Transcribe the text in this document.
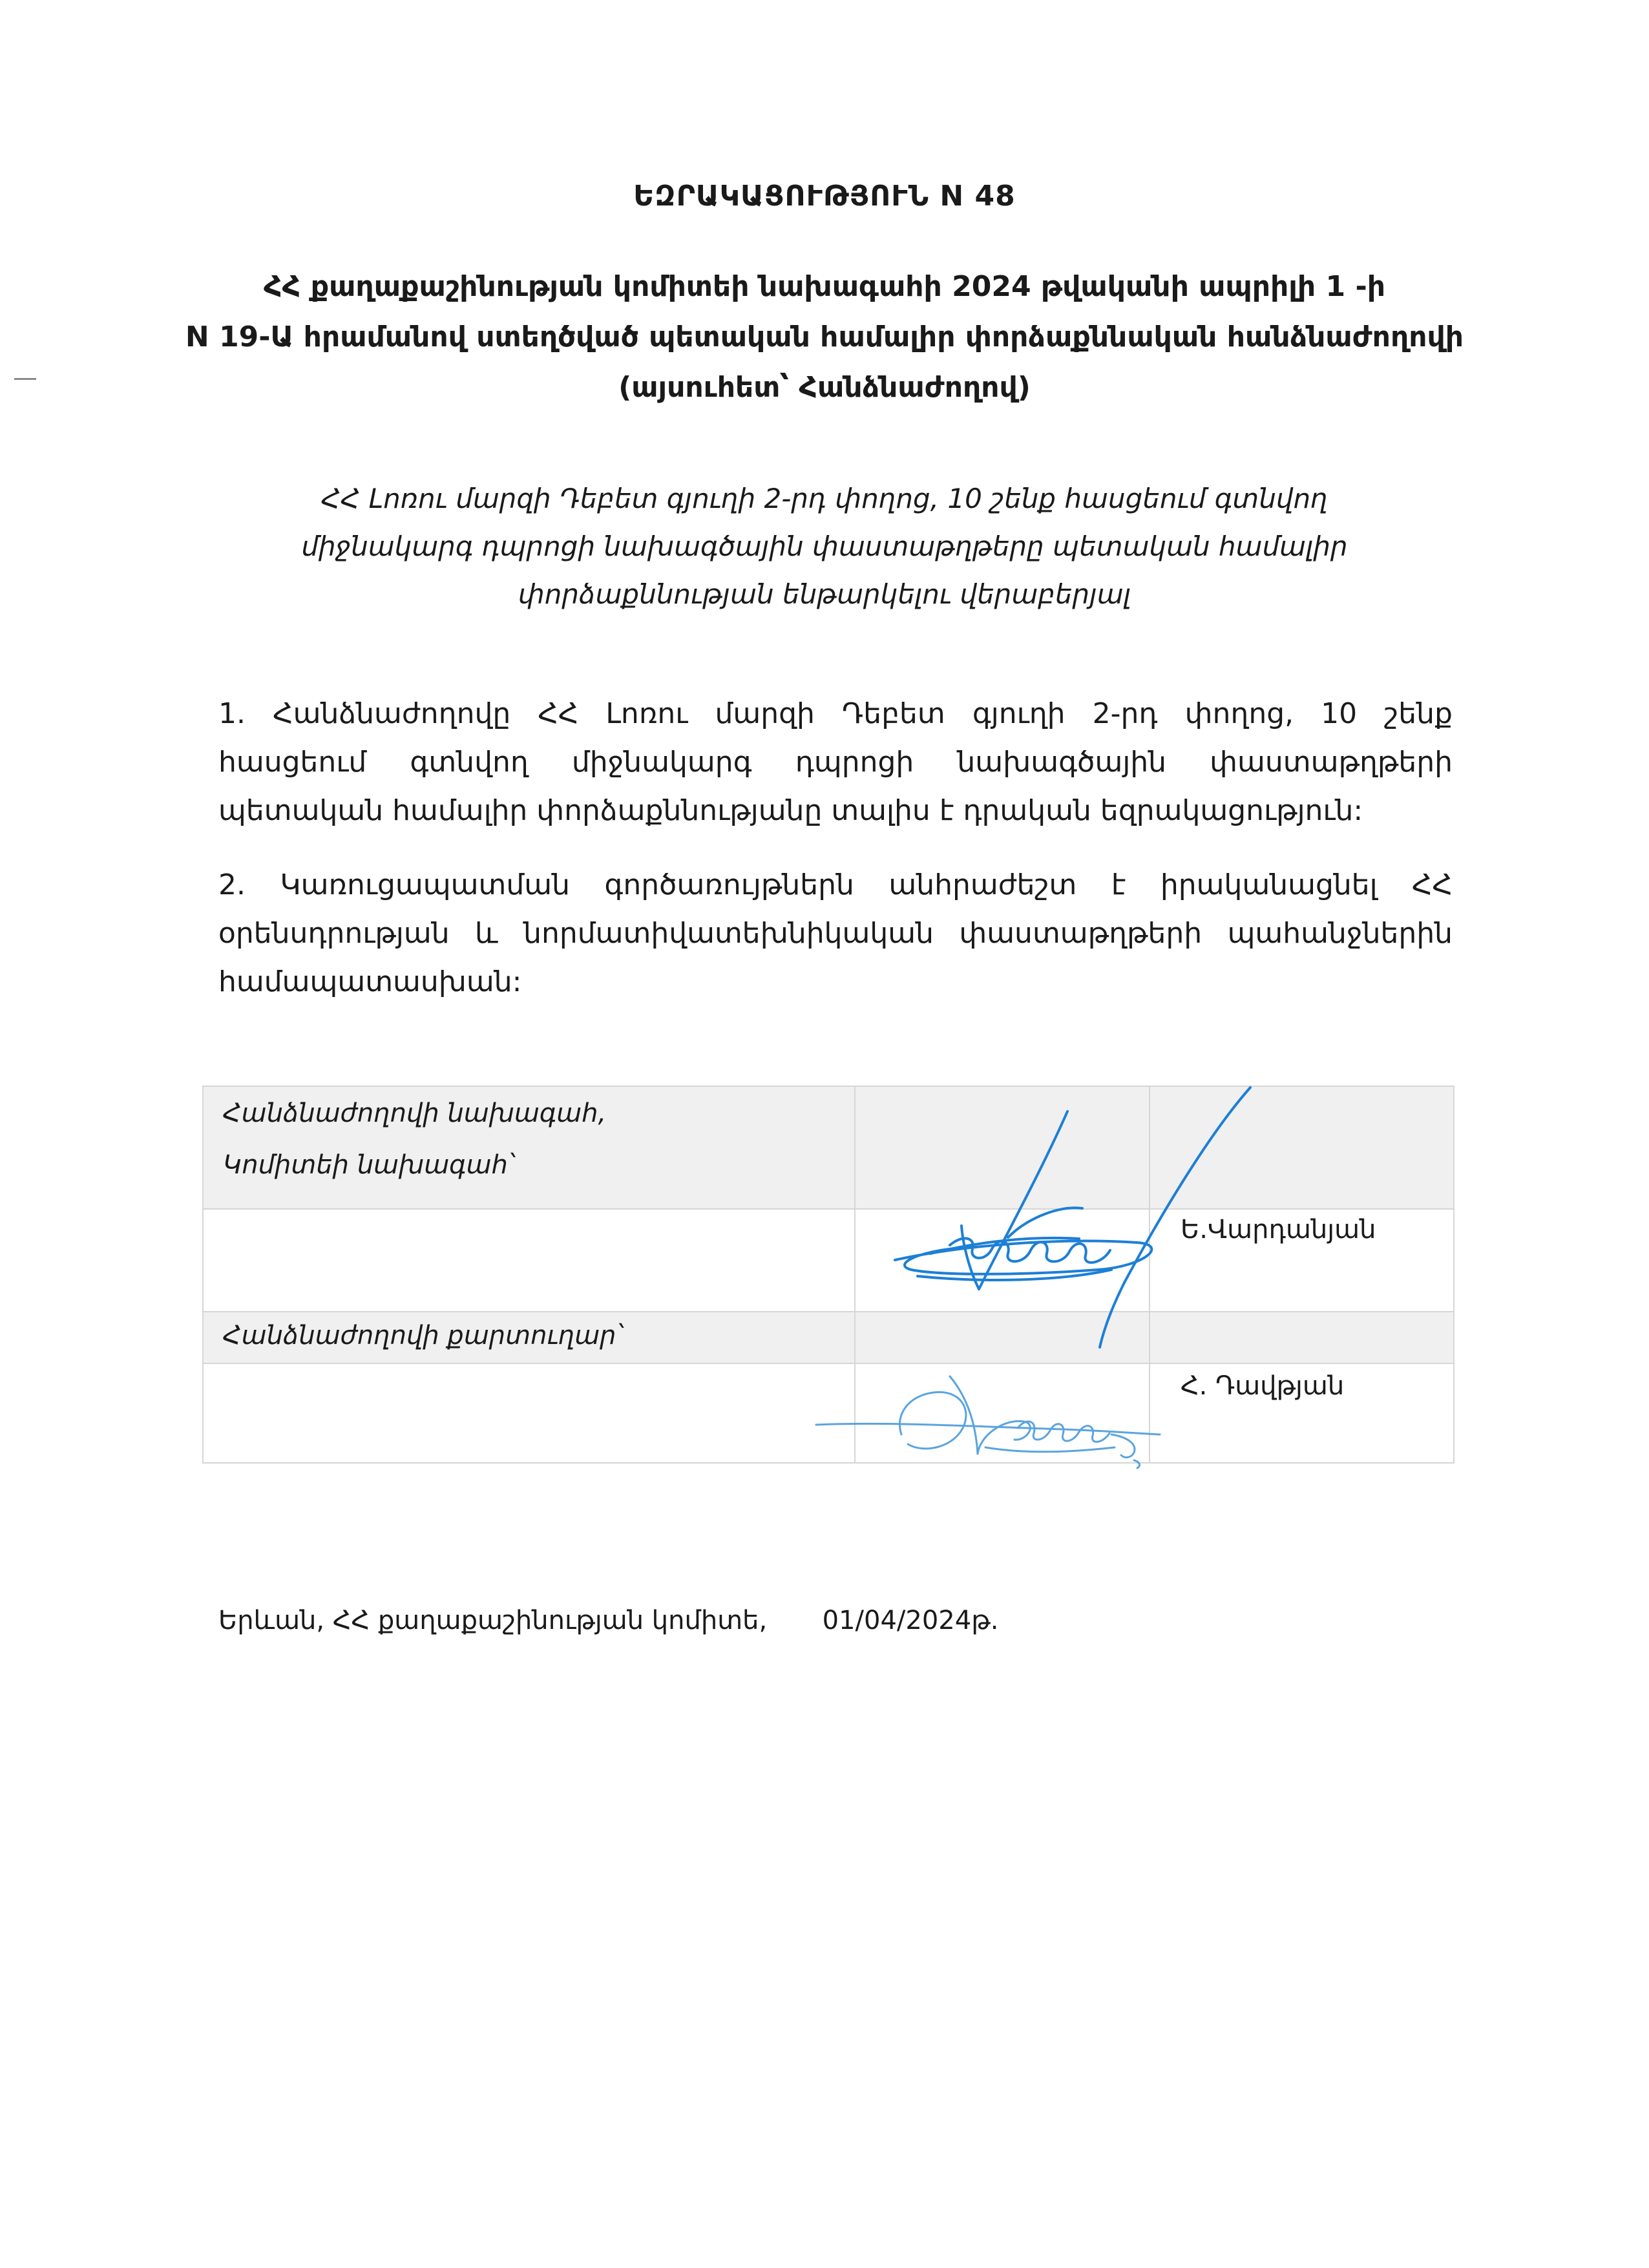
ԵԶՐԱԿԱՑՈՒԹՅՈՒՆ N 48
ՀՀ քաղաքաշինության կոմիտեի նախագահի 2024 թվականի ապրիլի 1 -ի
N 19-Ա հրամանով ստեղծված պետական համալիր փորձաքննական հանձնաժողովի
(այսուհետ՝ Հանձնաժողով)
ՀՀ Լոռու մարզի Դեբետ գյուղի 2-րդ փողոց, 10 շենք հասցեում գտնվող
միջնակարգ դպրոցի նախագծային փաստաթղթերը պետական համալիր
փորձաքննության ենթարկելու վերաբերյալ
1. Հանձնաժողովը ՀՀ Լոռու մարզի Դեբետ գյուղի 2-րդ փողոց, 10 շենք
հասցեում գտնվող միջնակարգ դպրոցի նախագծային փաստաթղթերի
պետական համալիր փորձաքննությանը տալիս է դրական եզրակացություն:
2. Կառուցապատման գործառույթներն անհրաժեշտ է իրականացնել ՀՀ
օրենսդրության և նորմատիվատեխնիկական փաստաթղթերի պահանջներին
համապատասխան:
Հանձնաժողովի նախագահ,
Կոմիտեի նախագահ՝
Ե.Վարդանյան
Հանձնաժողովի քարտուղար՝
Հ. Դավթյան
Երևան, ՀՀ քաղաքաշինության կոմիտե, 01/04/2024թ.
